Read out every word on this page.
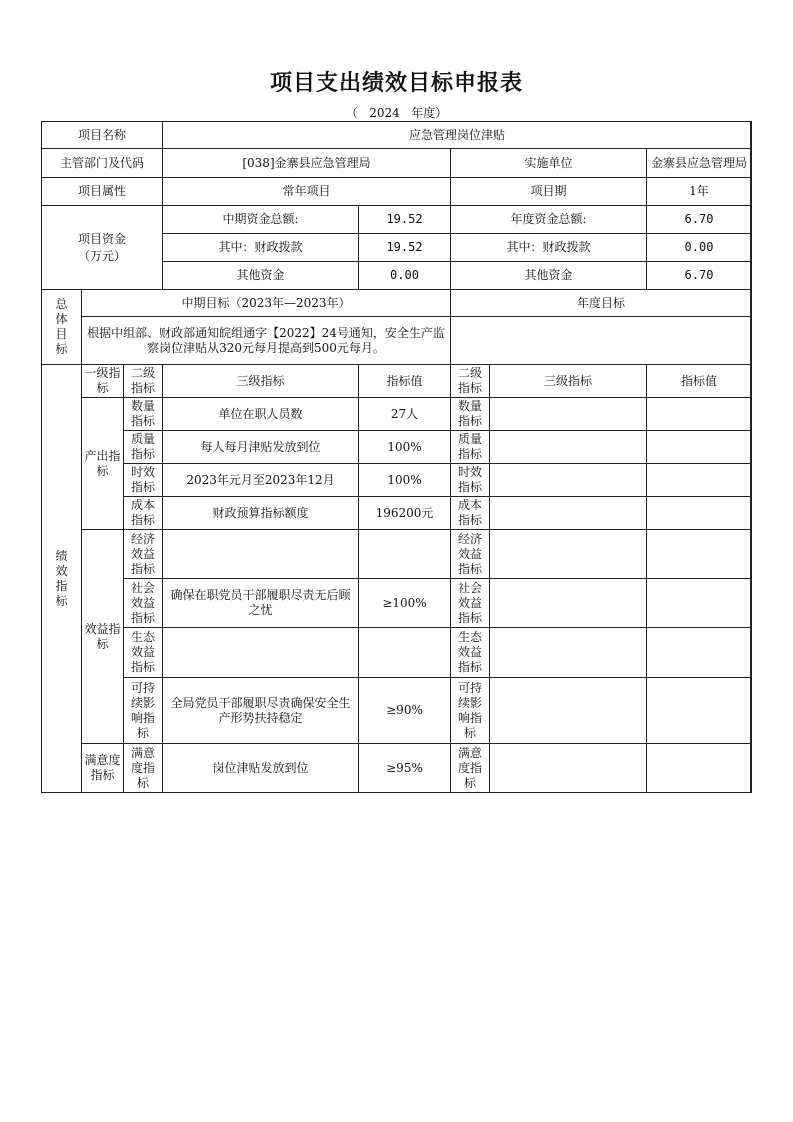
项目支出绩效目标申报表
（   2024   年度）
项目名称			应急管理岗位津贴				
主管部门及代码			[038]金寨县应急管理局		实施单位		金寨县应急管理局
项目属性			常年项目		项目期		1年
项目资金
（万元）			中期资金总额:	19.52	年度资金总额:		6.70
			其中：财政拨款	19.52	其中：财政拨款		0.00
			其他资金	0.00	其他资金		6.70
总体目标	中期目标（2023年—2023年）				年度目标		
	根据中组部、财政部通知皖组通字【2022】24号通知，安全生产监察岗位津贴从320元每月提高到500元每月。						
绩效指标	一级指标	二级指标	三级指标	指标值	二级指标	三级指标	指标值
	产出指标	数量指标	单位在职人员数	27人	数量指标		
		质量指标	每人每月津贴发放到位	100%	质量指标		
		时效指标	2023年元月至2023年12月	100%	时效指标		
		成本指标	财政预算指标额度	196200元	成本指标		
	效益指标	经济效益指标			经济效益指标		
		社会效益指标	确保在职党员干部履职尽责无后顾之忧	≥100%	社会效益指标		
		生态效益指标			生态效益指标		
		可持续影响指标	全局党员干部履职尽责确保安全生产形势扶持稳定	≥90%	可持续影响指标		
	满意度指标	满意度指标	岗位津贴发放到位	≥95%	满意度指标		
